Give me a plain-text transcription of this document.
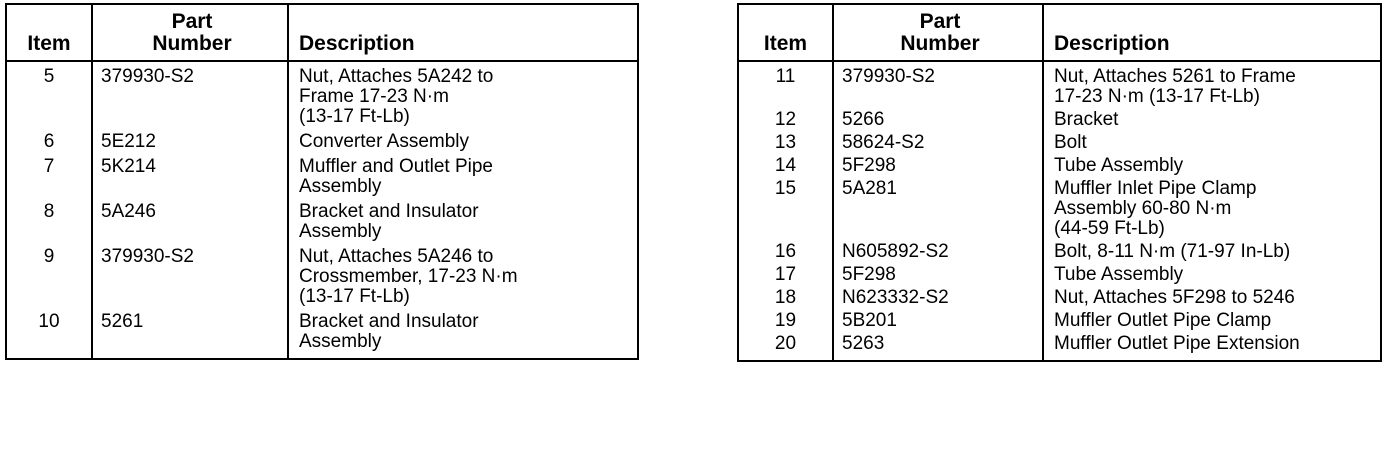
Item	Part
Number	Description
5	379930-S2	Nut, Attaches 5A242 to
Frame 17-23 N·m
(13-17 Ft-Lb)
6	5E212	Converter Assembly
7	5K214	Muffler and Outlet Pipe
Assembly
8	5A246	Bracket and Insulator
Assembly
9	379930-S2	Nut, Attaches 5A246 to
Crossmember, 17-23 N·m
(13-17 Ft-Lb)
10	5261	Bracket and Insulator
Assembly
Item	Part
Number	Description
11	379930-S2	Nut, Attaches 5261 to Frame
17-23 N·m (13-17 Ft-Lb)
12	5266	Bracket
13	58624-S2	Bolt
14	5F298	Tube Assembly
15	5A281	Muffler Inlet Pipe Clamp
Assembly 60-80 N·m
(44-59 Ft-Lb)
16	N605892-S2	Bolt, 8-11 N·m (71-97 In-Lb)
17	5F298	Tube Assembly
18	N623332-S2	Nut, Attaches 5F298 to 5246
19	5B201	Muffler Outlet Pipe Clamp
20	5263	Muffler Outlet Pipe Extension
